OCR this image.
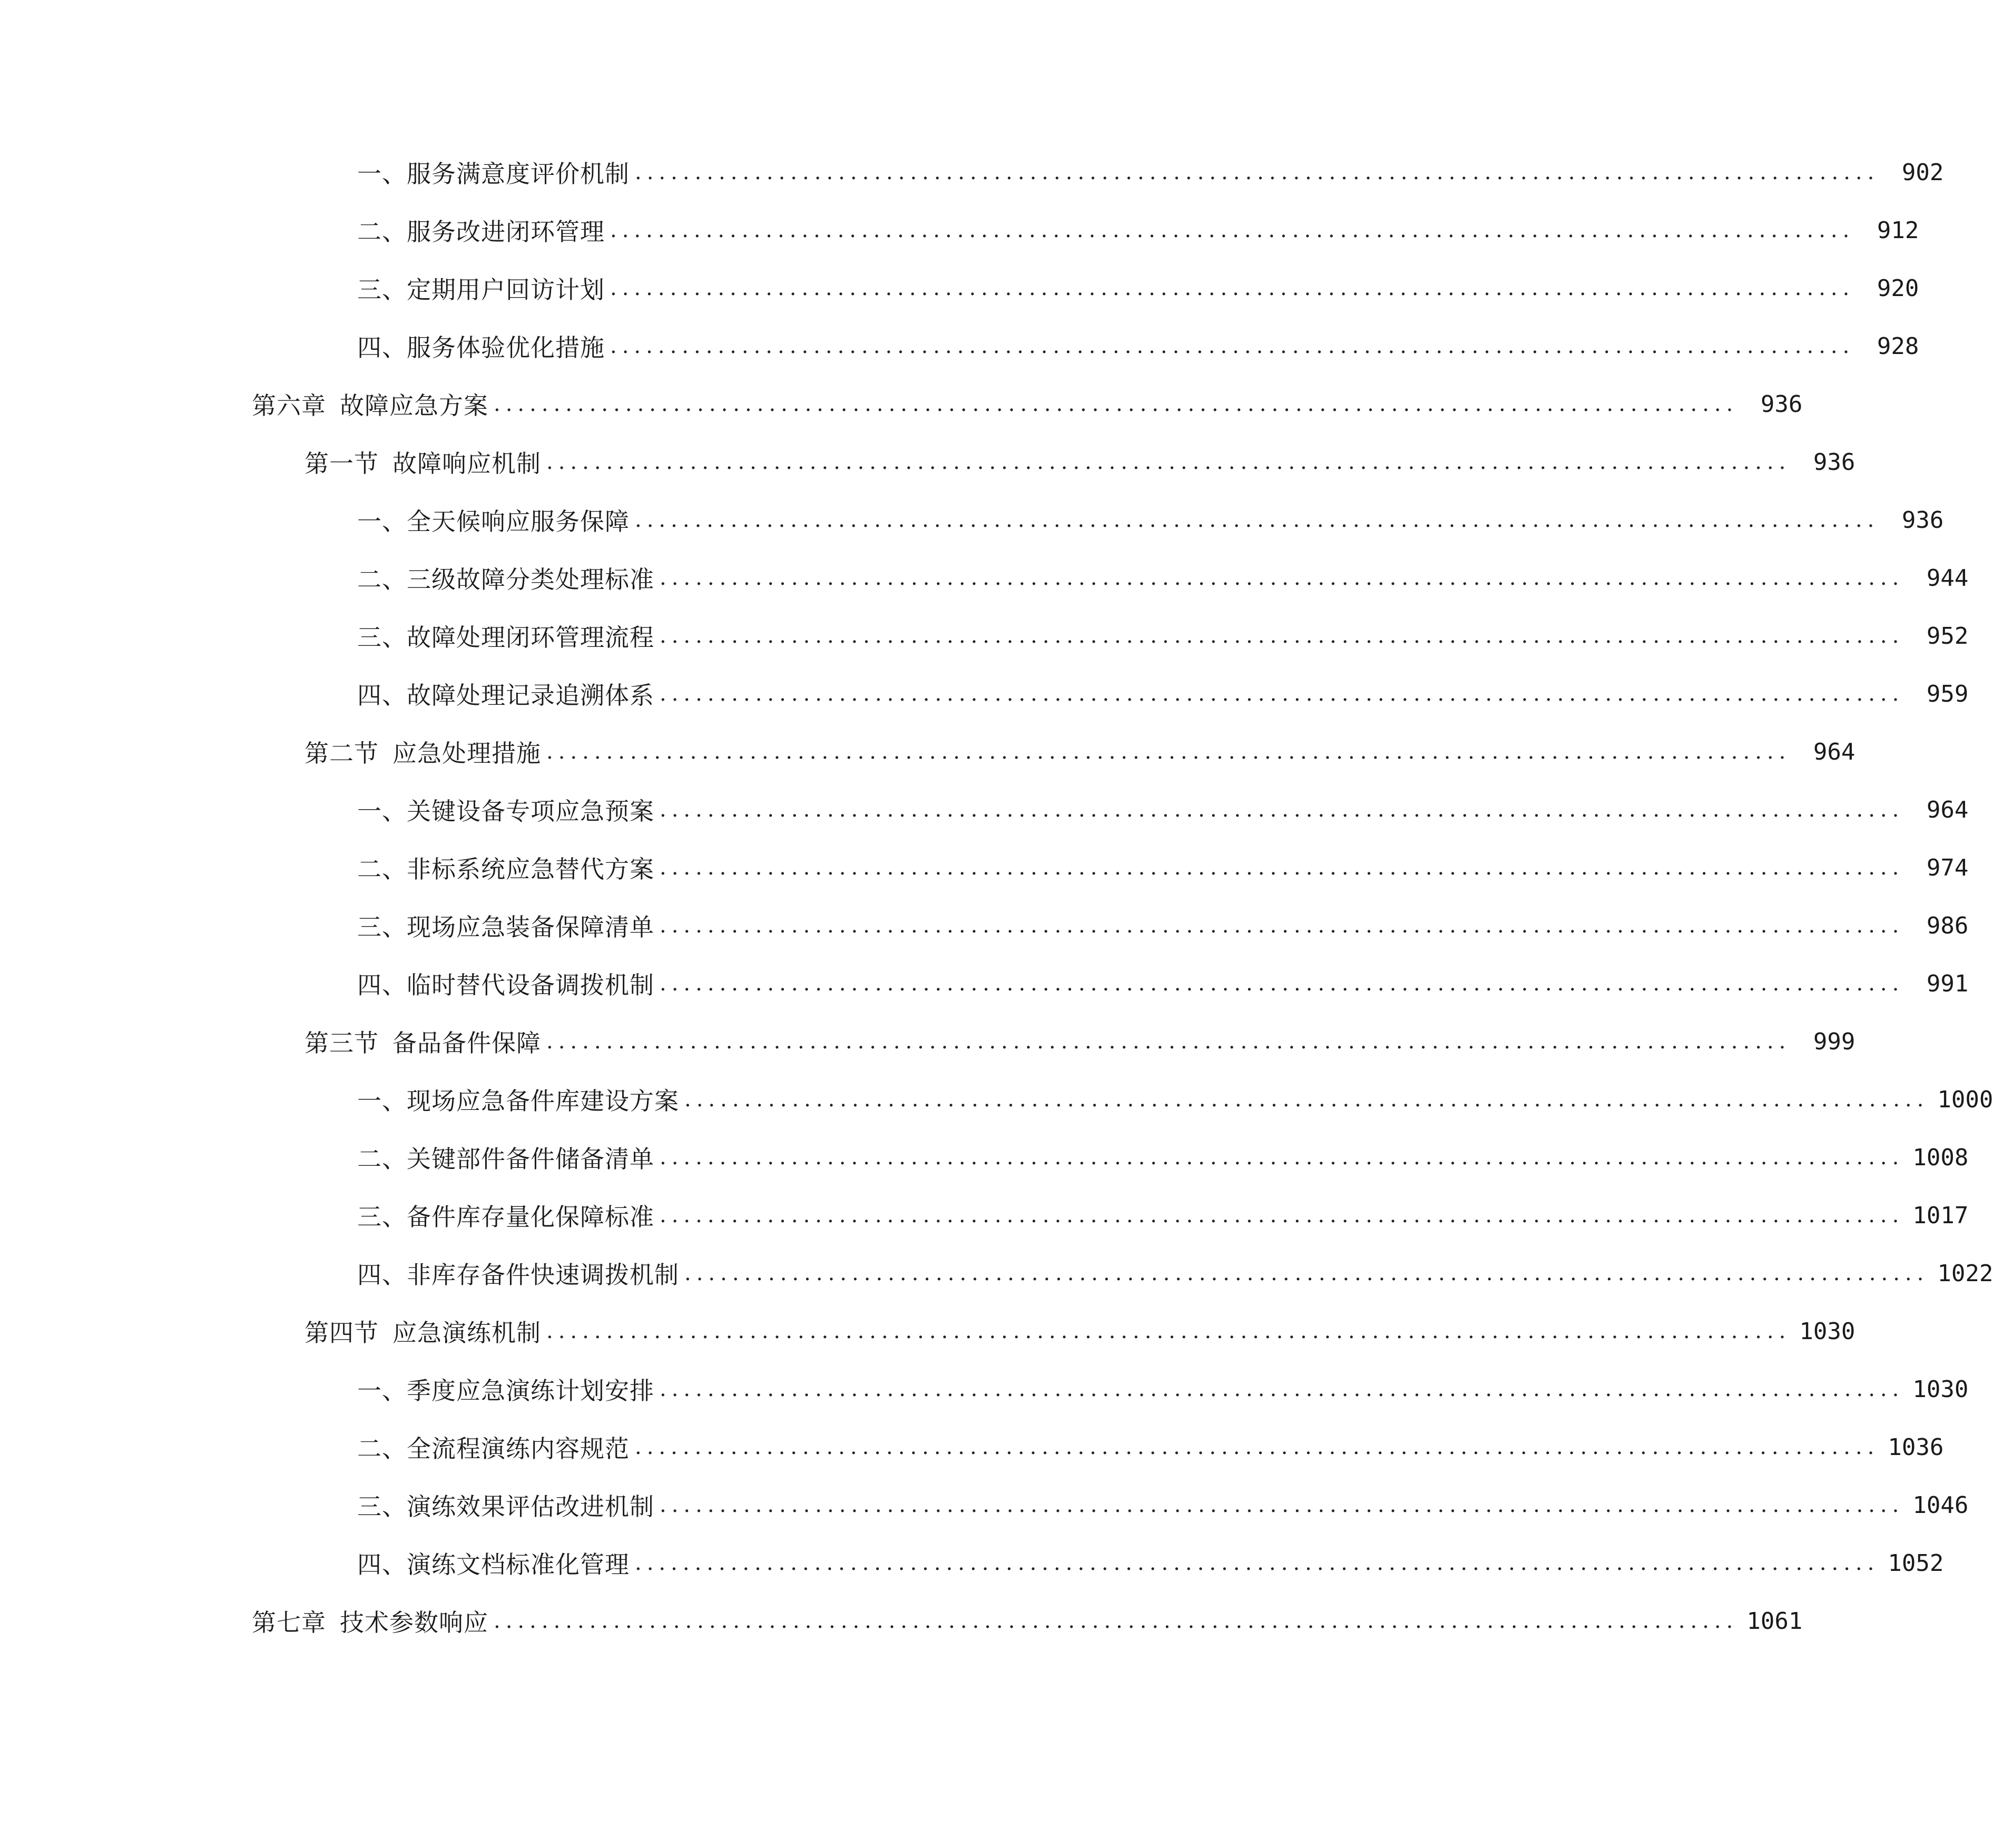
一、 服务满意度评价机制 ........................................................................................................ 902
二、 服务改进闭环管理 ........................................................................................................ 912
三、 定期用户回访计划 ........................................................................................................ 920
四、 服务体验优化措施 ........................................................................................................ 928
第六章 故障应急方案 ........................................................................................................ 936
第一节 故障响应机制 ........................................................................................................ 936
一、 全天候响应服务保障 ........................................................................................................ 936
二、 三级故障分类处理标准 ........................................................................................................ 944
三、 故障处理闭环管理流程 ........................................................................................................ 952
四、 故障处理记录追溯体系 ........................................................................................................ 959
第二节 应急处理措施 ........................................................................................................ 964
一、 关键设备专项应急预案 ........................................................................................................ 964
二、 非标系统应急替代方案 ........................................................................................................ 974
三、 现场应急装备保障清单 ........................................................................................................ 986
四、 临时替代设备调拨机制 ........................................................................................................ 991
第三节 备品备件保障 ........................................................................................................ 999
一、 现场应急备件库建设方案 ........................................................................................................ 1000
二、 关键部件备件储备清单 ........................................................................................................ 1008
三、 备件库存量化保障标准 ........................................................................................................ 1017
四、 非库存备件快速调拨机制 ........................................................................................................ 1022
第四节 应急演练机制 ........................................................................................................ 1030
一、 季度应急演练计划安排 ........................................................................................................ 1030
二、 全流程演练内容规范 ........................................................................................................ 1036
三、 演练效果评估改进机制 ........................................................................................................ 1046
四、 演练文档标准化管理 ........................................................................................................ 1052
第七章 技术参数响应 ........................................................................................................ 1061
